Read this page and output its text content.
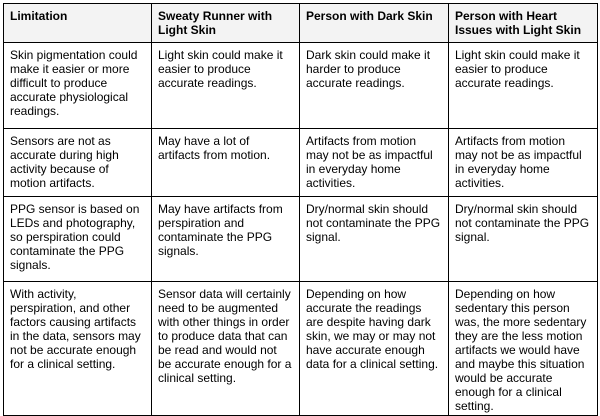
Limitation	Sweaty Runner with Light Skin	Person with Dark Skin	Person with Heart Issues with Light Skin
Skin pigmentation could make it easier or more difficult to produce accurate physiological readings.	Light skin could make it easier to produce accurate readings.	Dark skin could make it harder to produce accurate readings.	Light skin could make it easier to produce accurate readings.
Sensors are not as accurate during high activity because of motion artifacts.	May have a lot of artifacts from motion.	Artifacts from motion may not be as impactful in everyday home activities.	Artifacts from motion may not be as impactful in everyday home activities.
PPG sensor is based on LEDs and photography, so perspiration could contaminate the PPG signals.	May have artifacts from perspiration and contaminate the PPG signals.	Dry/normal skin should not contaminate the PPG signal.	Dry/normal skin should not contaminate the PPG signal.
With activity, perspiration, and other factors causing artifacts in the data, sensors may not be accurate enough for a clinical setting.	Sensor data will certainly need to be augmented with other things in order to produce data that can be read and would not be accurate enough for a clinical setting.	Depending on how accurate the readings are despite having dark skin, we may or may not have accurate enough data for a clinical setting.	Depending on how sedentary this person was, the more sedentary they are the less motion artifacts we would have and maybe this situation would be accurate enough for a clinical setting.
